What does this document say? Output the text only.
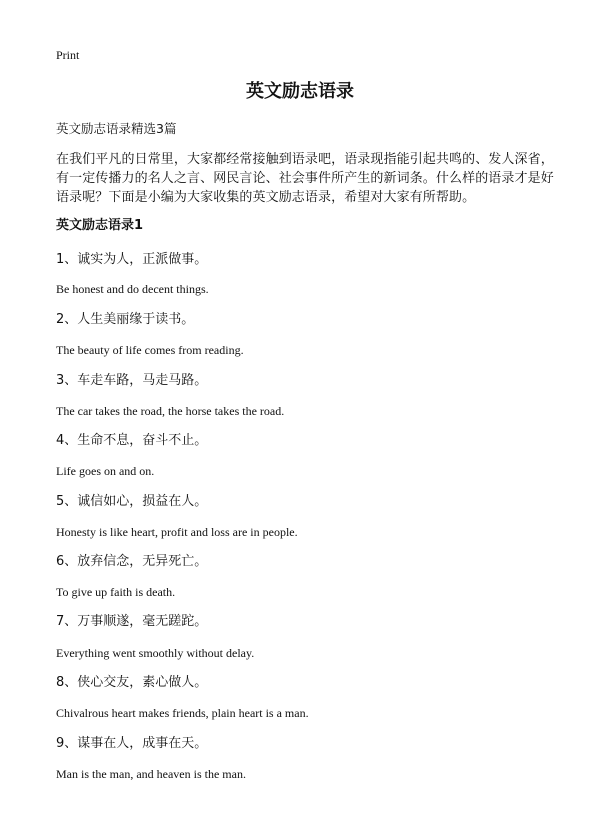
Print
英文励志语录
英文励志语录精选3篇
在我们平凡的日常里，大家都经常接触到语录吧，语录现指能引起共鸣的、发人深省，有一定传播力的名人之言、网民言论、社会事件所产生的新词条。什么样的语录才是好语录呢？下面是小编为大家收集的英文励志语录，希望对大家有所帮助。
英文励志语录1
1、诚实为人，正派做事。
Be honest and do decent things.
2、人生美丽缘于读书。
The beauty of life comes from reading.
3、车走车路，马走马路。
The car takes the road, the horse takes the road.
4、生命不息，奋斗不止。
Life goes on and on.
5、诚信如心，损益在人。
Honesty is like heart, profit and loss are in people.
6、放弃信念，无异死亡。
To give up faith is death.
7、万事顺遂，毫无蹉跎。
Everything went smoothly without delay.
8、侠心交友，素心做人。
Chivalrous heart makes friends, plain heart is a man.
9、谋事在人，成事在天。
Man is the man, and heaven is the man.
